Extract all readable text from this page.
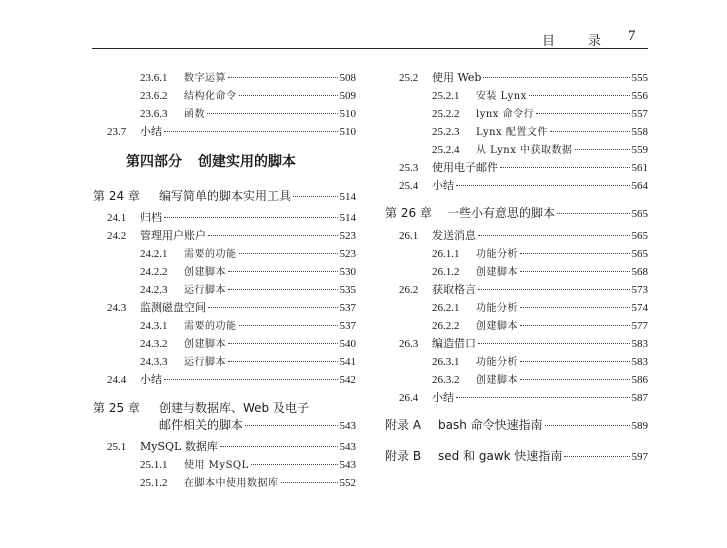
目	录 7
23.6.1	数字运算	508
23.6.2	结构化命令	509
23.6.3	函数	510
23.7	小结	510
第四部分 创建实用的脚本
第 24 章	编写简单的脚本实用工具	514
24.1	归档	514
24.2	管理用户账户	523
24.2.1	需要的功能	523
24.2.2	创建脚本	530
24.2.3	运行脚本	535
24.3	监测磁盘空间	537
24.3.1	需要的功能	537
24.3.2	创建脚本	540
24.3.3	运行脚本	541
24.4	小结	542
第 25 章 创建与数据库、Web 及电子
邮件相关的脚本	543
25.1	MySQL 数据库	543
25.1.1	使用 MySQL	543
25.1.2	在脚本中使用数据库	552
25.2	使用 Web	555
25.2.1	安装 Lynx	556
25.2.2	lynx 命令行	557
25.2.3	Lynx 配置文件	558
25.2.4	从 Lynx 中获取数据	559
25.3	使用电子邮件	561
25.4	小结	564
第 26 章	一些小有意思的脚本	565
26.1	发送消息	565
26.1.1	功能分析	565
26.1.2	创建脚本	568
26.2	获取格言	573
26.2.1	功能分析	574
26.2.2	创建脚本	577
26.3	编造借口	583
26.3.1	功能分析	583
26.3.2	创建脚本	586
26.4	小结	587
附录 A	bash 命令快速指南	589
附录 B	sed 和 gawk 快速指南	597
